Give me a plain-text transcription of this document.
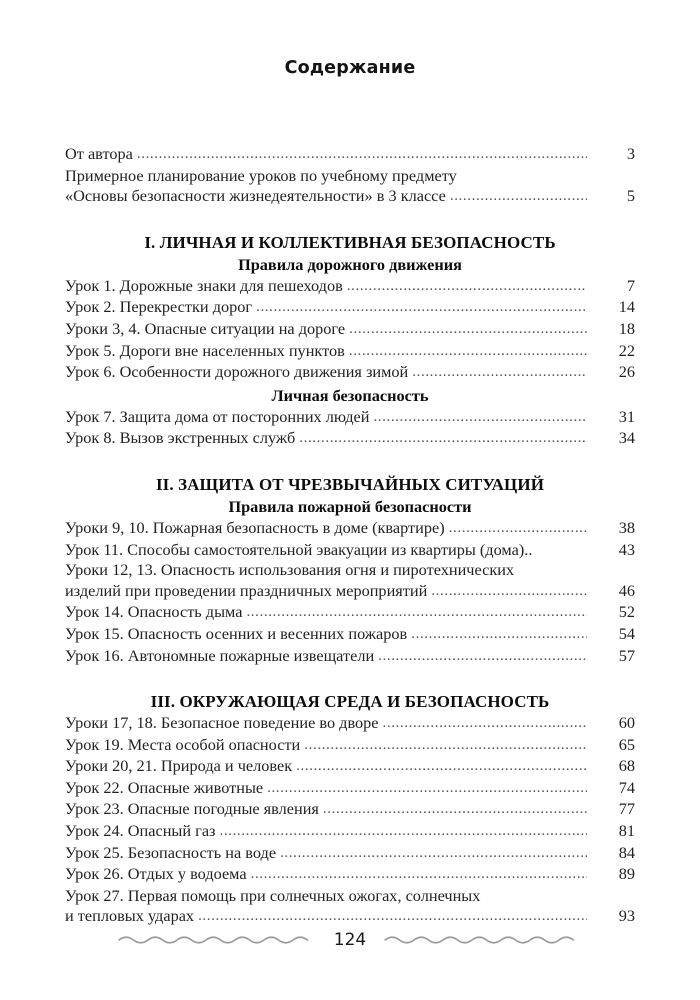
Содержание
От автора .....	3
Примерное планирование уроков по учебному предмету
«Основы безопасности жизнедеятельности» в 3 классе .....	5
I. ЛИЧНАЯ И КОЛЛЕКТИВНАЯ БЕЗОПАСНОСТЬ
Правила дорожного движения
Урок 1. Дорожные знаки для пешеходов .....	7
Урок 2. Перекрестки дорог .....	14
Уроки 3, 4. Опасные ситуации на дороге .....	18
Урок 5. Дороги вне населенных пунктов .....	22
Урок 6. Особенности дорожного движения зимой .....	26
Личная безопасность
Урок 7. Защита дома от посторонних людей .....	31
Урок 8. Вызов экстренных служб .....	34
II. ЗАЩИТА ОТ ЧРЕЗВЫЧАЙНЫХ СИТУАЦИЙ
Правила пожарной безопасности
Уроки 9, 10. Пожарная безопасность в доме (квартире) .....	38
Урок 11. Способы самостоятельной эвакуации из квартиры (дома)..	43
Уроки 12, 13. Опасность использования огня и пиротехнических
изделий при проведении праздничных мероприятий .....	46
Урок 14. Опасность дыма .....	52
Урок 15. Опасность осенних и весенних пожаров .....	54
Урок 16. Автономные пожарные извещатели .....	57
III. ОКРУЖАЮЩАЯ СРЕДА И БЕЗОПАСНОСТЬ
Уроки 17, 18. Безопасное поведение во дворе .....	60
Урок 19. Места особой опасности .....	65
Уроки 20, 21. Природа и человек .....	68
Урок 22. Опасные животные .....	74
Урок 23. Опасные погодные явления .....	77
Урок 24. Опасный газ .....	81
Урок 25. Безопасность на воде .....	84
Урок 26. Отдых у водоема .....	89
Урок 27. Первая помощь при солнечных ожогах, солнечных
и тепловых ударах .....	93
124
